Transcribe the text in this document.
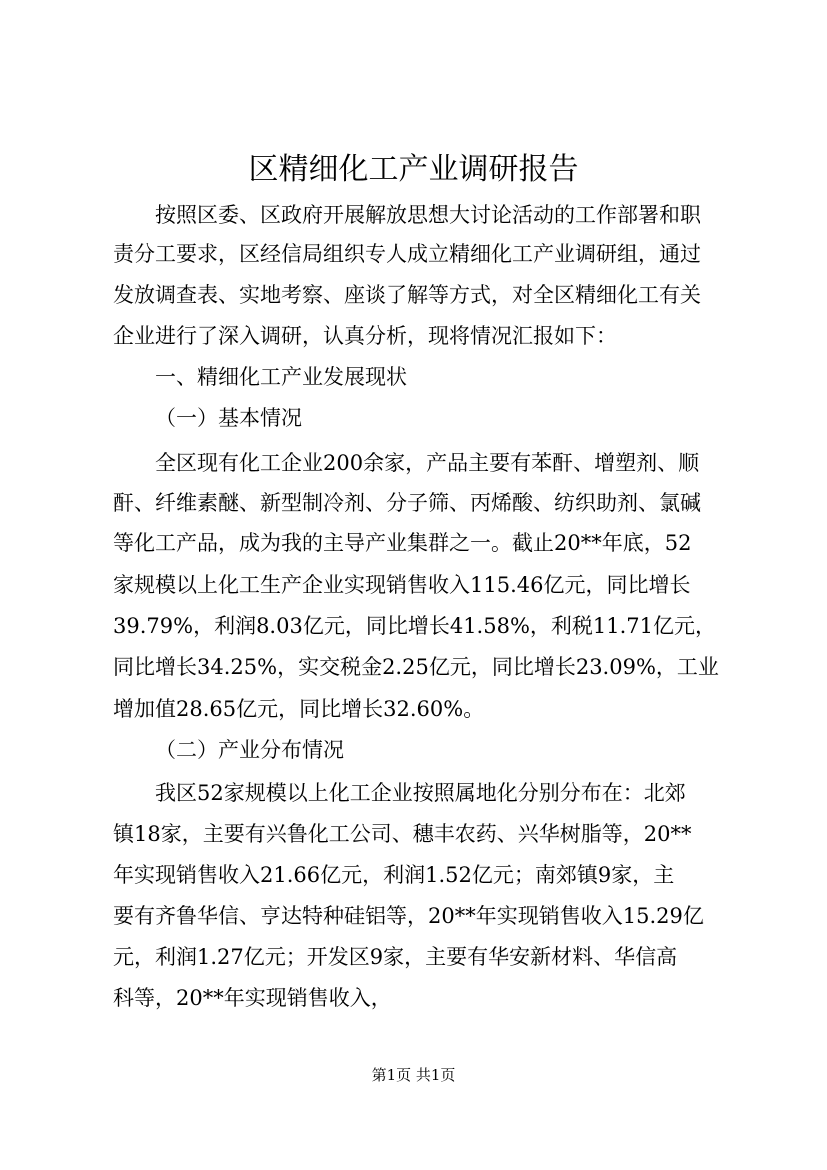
区精细化工产业调研报告

按照区委、区政府开展解放思想大讨论活动的工作部署和职

责分工要求，区经信局组织专人成立精细化工产业调研组，通过

发放调查表、实地考察、座谈了解等方式，对全区精细化工有关

企业进行了深入调研，认真分析，现将情况汇报如下：

一、精细化工产业发展现状

（一）基本情况

全区现有化工企业200余家，产品主要有苯酐、增塑剂、顺

酐、纤维素醚、新型制冷剂、分子筛、丙烯酸、纺织助剂、氯碱

等化工产品，成为我的主导产业集群之一。截止20**年底，52

家规模以上化工生产企业实现销售收入115.46亿元，同比增长

39.79%，利润8.03亿元，同比增长41.58%，利税11.71亿元，

同比增长34.25%，实交税金2.25亿元，同比增长23.09%，工业

增加值28.65亿元，同比增长32.60%。

（二）产业分布情况

我区52家规模以上化工企业按照属地化分别分布在：北郊

镇18家，主要有兴鲁化工公司、穗丰农药、兴华树脂等，20**

年实现销售收入21.66亿元，利润1.52亿元；南郊镇9家，主

要有齐鲁华信、亨达特种硅铝等，20**年实现销售收入15.29亿

元，利润1.27亿元；开发区9家，主要有华安新材料、华信高

科等，20**年实现销售收入，

第1页 共1页
